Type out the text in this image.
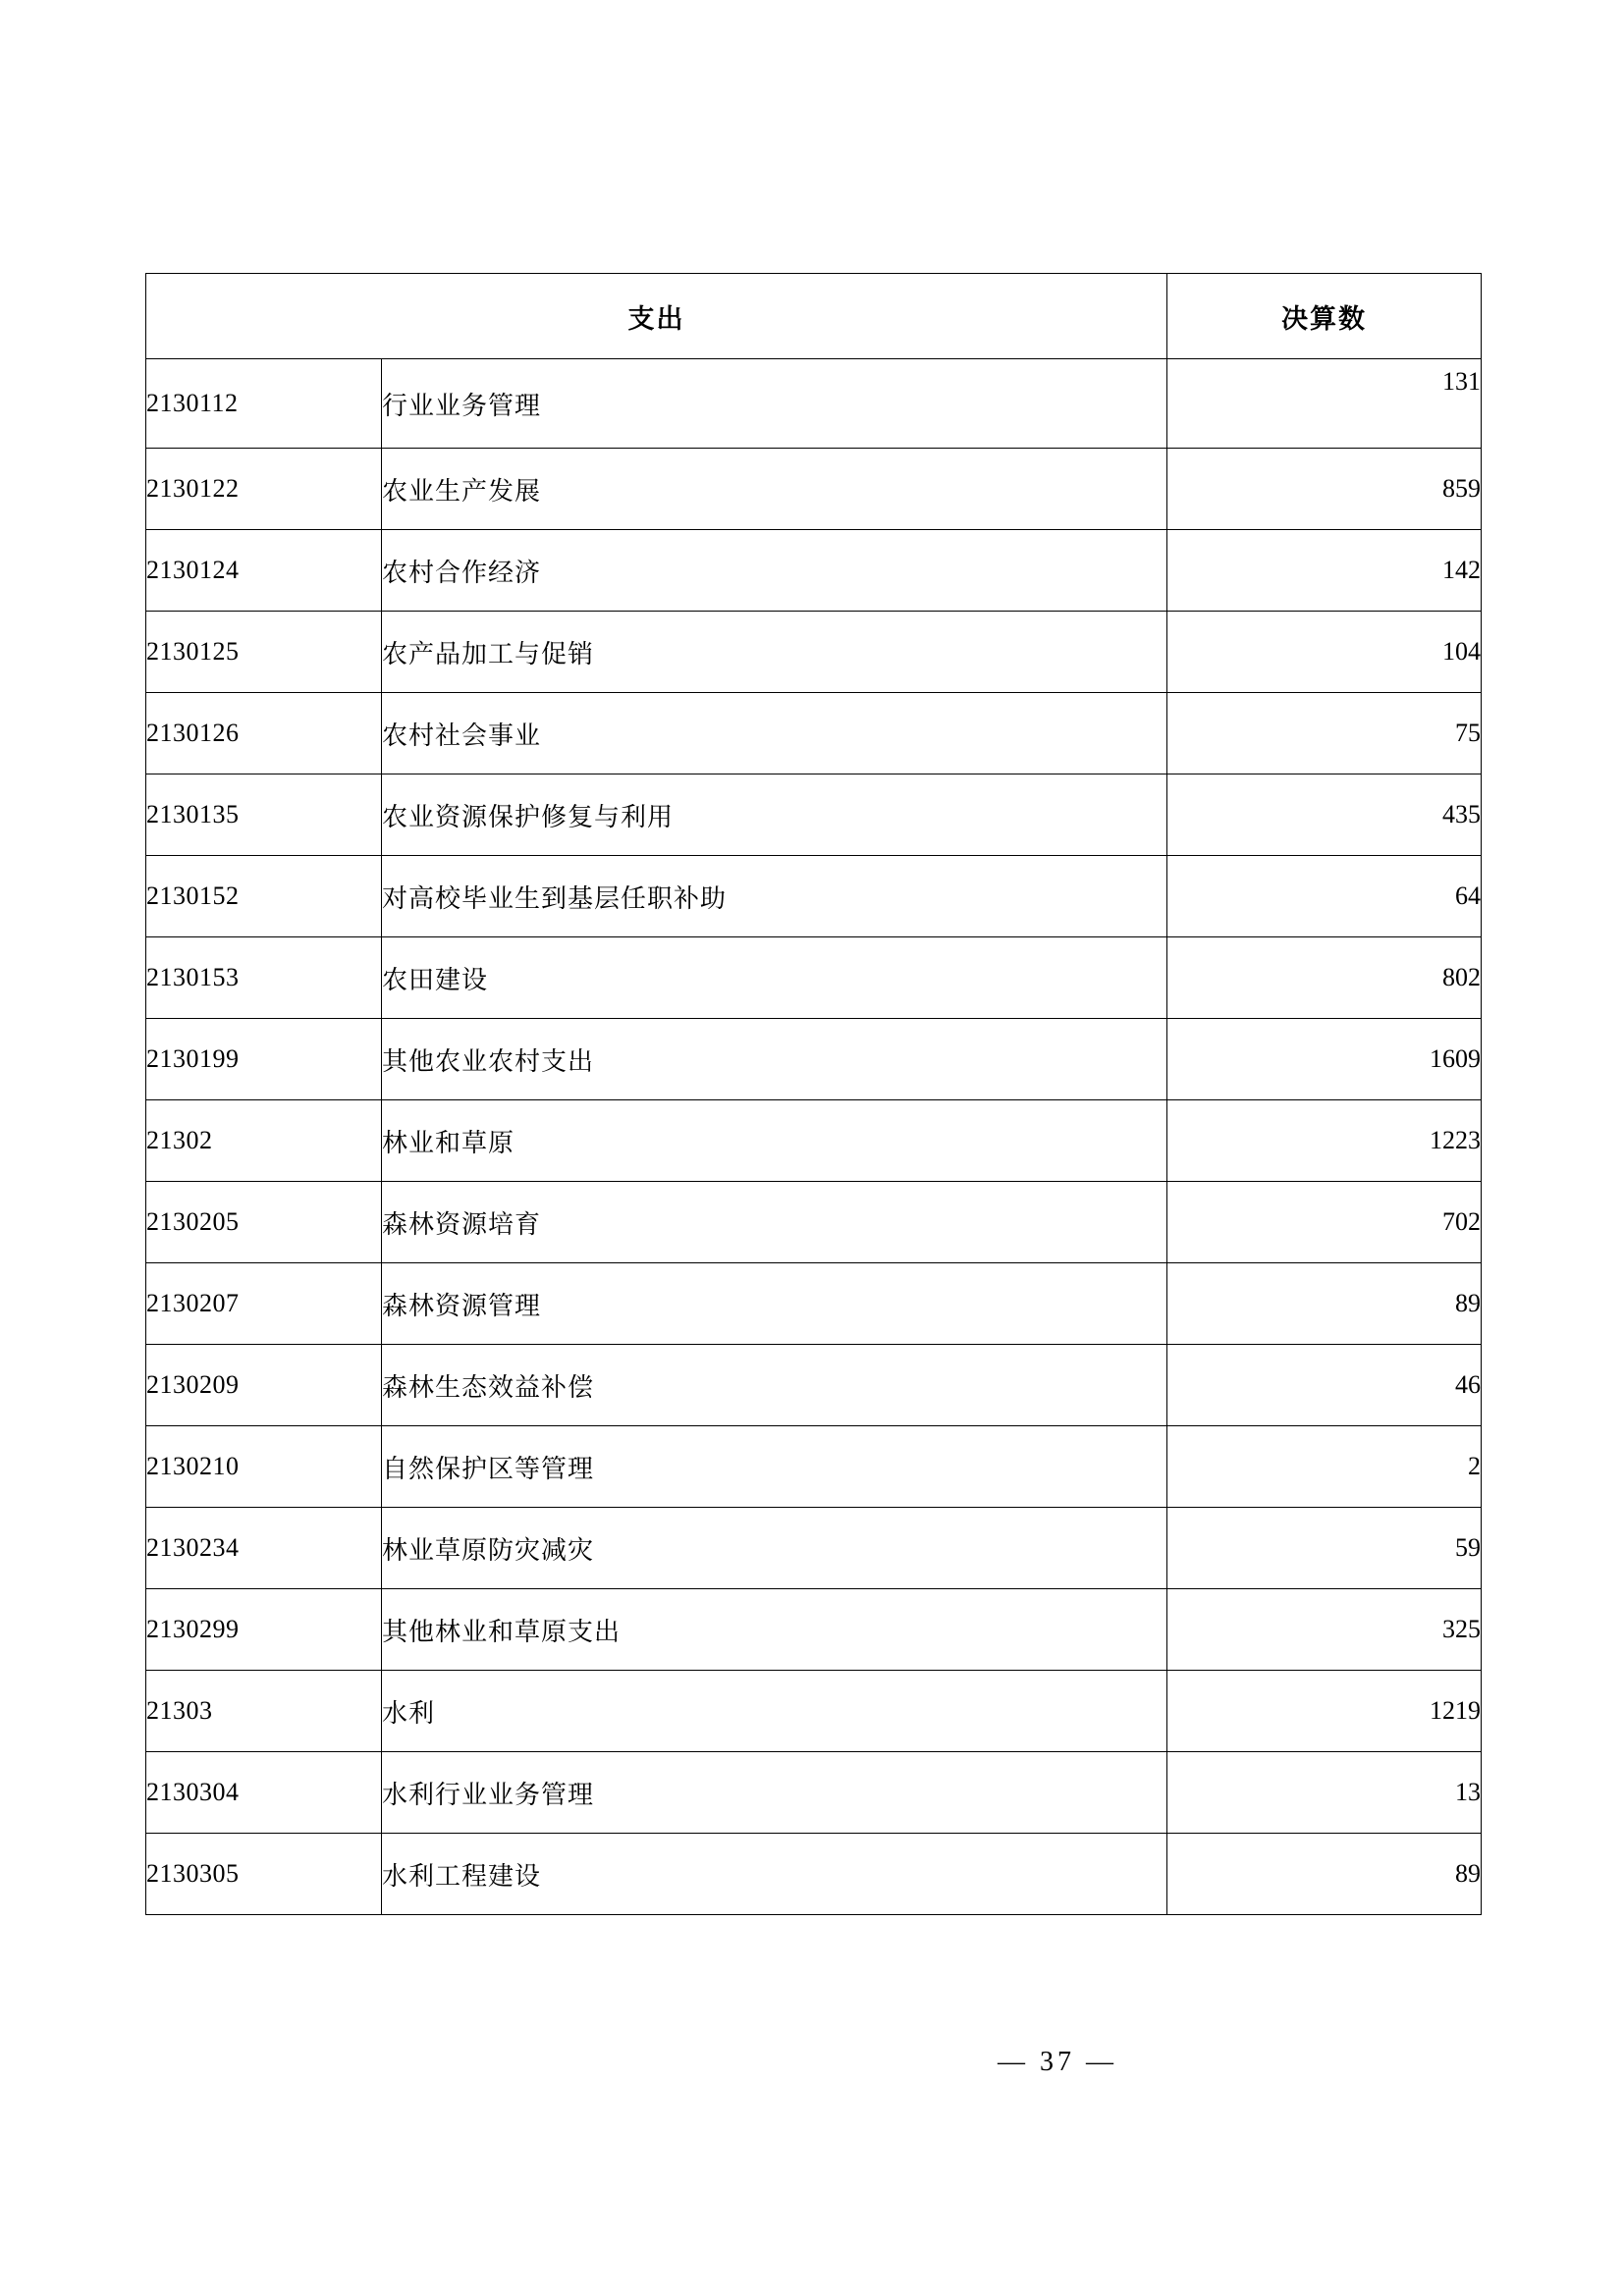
支出		决算数
2130112	行业业务管理	131
2130122	农业生产发展	859
2130124	农村合作经济	142
2130125	农产品加工与促销	104
2130126	农村社会事业	75
2130135	农业资源保护修复与利用	435
2130152	对高校毕业生到基层任职补助	64
2130153	农田建设	802
2130199	其他农业农村支出	1609
21302	林业和草原	1223
2130205	森林资源培育	702
2130207	森林资源管理	89
2130209	森林生态效益补偿	46
2130210	自然保护区等管理	2
2130234	林业草原防灾减灾	59
2130299	其他林业和草原支出	325
21303	水利	1219
2130304	水利行业业务管理	13
2130305	水利工程建设	89
— 37 —
